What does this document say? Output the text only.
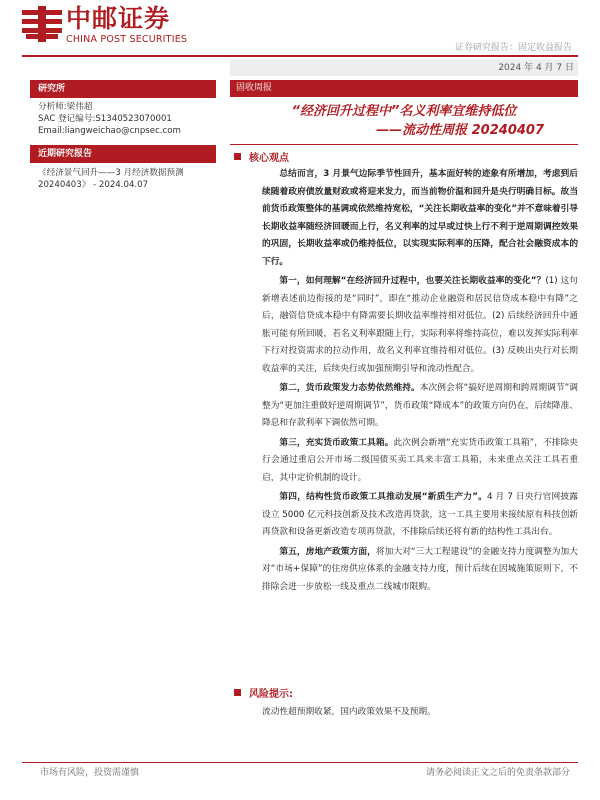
中邮证券
CHINA POST SECURITIES
证券研究报告：固定收益报告
2024 年 4 月 7 日
研究所
分析师:梁伟超
SAC 登记编号:S1340523070001
Email:liangweichao@cnpsec.com
近期研究报告
《经济景气回升——3 月经济数据预测
20240403》 - 2024.04.07
固收周报
“经济回升过程中”名义利率宜维持低位
——流动性周报 20240407
核心观点

总结而言，3 月景气边际季节性回升，基本面好转的迹象有所增加，考虑到后续随着政府债放量财政或将迎来发力，而当前物价温和回升是央行明确目标。故当前货币政策整体的基调或依然维持宽松，“关注长期收益率的变化”并不意味着引导长期收益率随经济回暖而上行，名义利率的过早或过快上行不利于逆周期调控效果的巩固，长期收益率或仍维持低位，以实现实际利率的压降，配合社会融资成本的下行。

第一，如何理解“在经济回升过程中，也要关注长期收益率的变化”？(1) 这句新增表述前边衔接的是“同时”，即在“推动企业融资和居民信贷成本稳中有降”之后，融资信贷成本稳中有降需要长期收益率维持相对低位。(2) 后续经济回升中通胀可能有所回暖，若名义利率跟随上行，实际利率将维持高位，难以发挥实际利率下行对投资需求的拉动作用，故名义利率宜维持相对低位。(3) 反映出央行对长期收益率的关注，后续央行或加强预期引导和流动性配合。

第二，货币政策发力态势依然维持。本次例会将“搞好逆周期和跨周期调节”调整为“更加注重做好逆周期调节”，货币政策“降成本”的政策方向仍在，后续降准、降息和存款利率下调依然可期。

第三，充实货币政策工具箱。此次例会新增“充实货币政策工具箱”，不排除央行会通过重启公开市场二级国债买卖工具来丰富工具箱，未来重点关注工具若重启，其中定价机制的设计。

第四，结构性货币政策工具推动发展“新质生产力”。4 月 7 日央行官网披露设立 5000 亿元科技创新及技术改造再贷款，这一工具主要用来接续原有科技创新再贷款和设备更新改造专项再贷款，不排除后续还将有新的结构性工具出台。

第五，房地产政策方面，将加大对“三大工程建设”的金融支持力度调整为加大对“市场+保障”的住房供应体系的金融支持力度，预计后续在因城施策原则下，不排除会进一步放松一线及重点二线城市限购。

风险提示:
流动性超预期收紧，国内政策效果不及预期。
市场有风险，投资需谨慎	请务必阅读正文之后的免责条款部分
